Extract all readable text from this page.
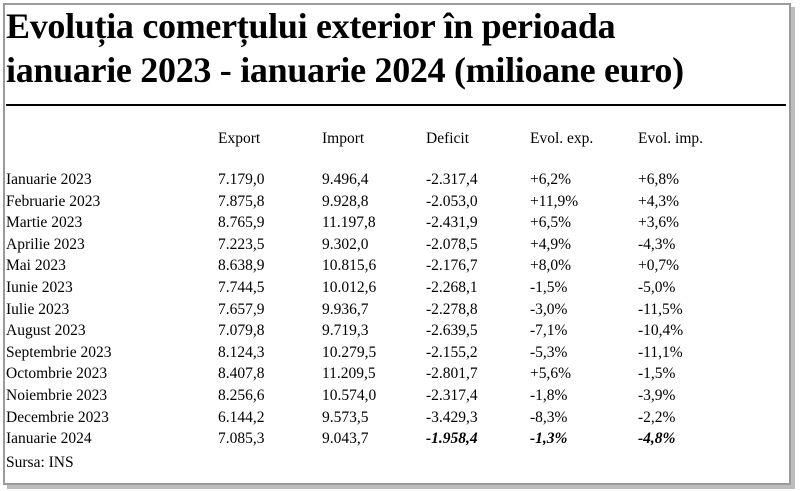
Evoluția comerțului exterior în perioada
ianuarie 2023 - ianuarie 2024 (milioane euro)
	Export	Import	Deficit	Evol. exp.	Evol. imp.

Ianuarie 2023	7.179,0	9.496,4	-2.317,4	+6,2%	+6,8%
Februarie 2023	7.875,8	9.928,8	-2.053,0	+11,9%	+4,3%
Martie 2023	8.765,9	11.197,8	-2.431,9	+6,5%	+3,6%
Aprilie 2023	7.223,5	9.302,0	-2.078,5	+4,9%	-4,3%
Mai 2023	8.638,9	10.815,6	-2.176,7	+8,0%	+0,7%
Iunie 2023	7.744,5	10.012,6	-2.268,1	-1,5%	-5,0%
Iulie 2023	7.657,9	9.936,7	-2.278,8	-3,0%	-11,5%
August 2023	7.079,8	9.719,3	-2.639,5	-7,1%	-10,4%
Septembrie 2023	8.124,3	10.279,5	-2.155,2	-5,3%	-11,1%
Octombrie 2023	8.407,8	11.209,5	-2.801,7	+5,6%	-1,5%
Noiembrie 2023	8.256,6	10.574,0	-2.317,4	-1,8%	-3,9%
Decembrie 2023	6.144,2	9.573,5	-3.429,3	-8,3%	-2,2%
Ianuarie 2024	7.085,3	9.043,7	-1.958,4	-1,3%	-4,8%
Sursa: INS
